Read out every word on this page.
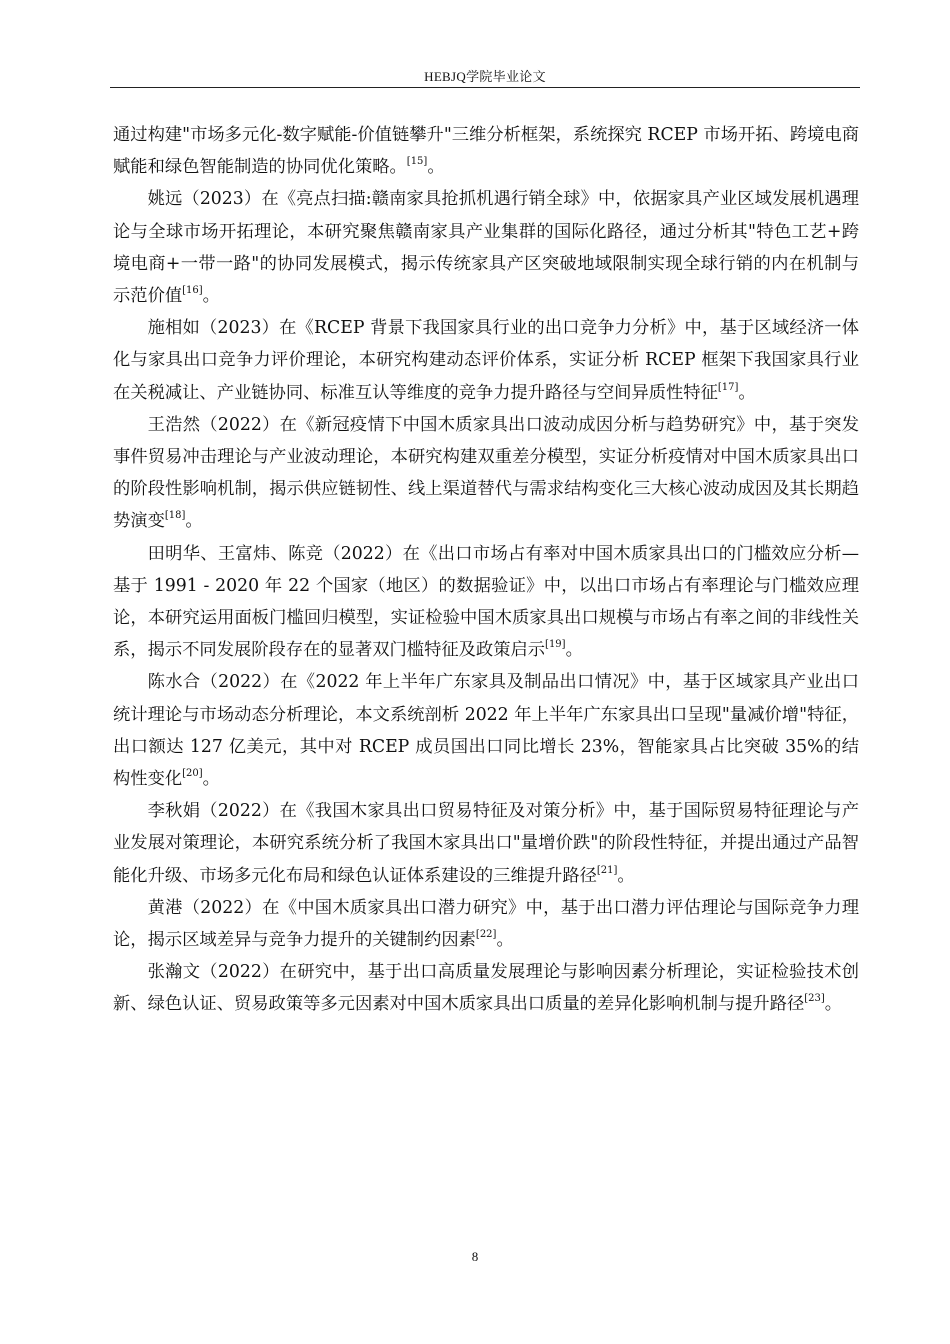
HEBJQ学院毕业论文

通过构建"市场多元化-数字赋能-价值链攀升"三维分析框架，系统探究 RCEP 市场开拓、跨境电商赋能和绿色智能制造的协同优化策略。[15]。

姚远（2023）在《亮点扫描:赣南家具抢抓机遇行销全球》中，依据家具产业区域发展机遇理论与全球市场开拓理论，本研究聚焦赣南家具产业集群的国际化路径，通过分析其"特色工艺+跨境电商+一带一路"的协同发展模式，揭示传统家具产区突破地域限制实现全球行销的内在机制与示范价值[16]。

施相如（2023）在《RCEP 背景下我国家具行业的出口竞争力分析》中，基于区域经济一体化与家具出口竞争力评价理论，本研究构建动态评价体系，实证分析 RCEP 框架下我国家具行业在关税减让、产业链协同、标准互认等维度的竞争力提升路径与空间异质性特征[17]。

王浩然（2022）在《新冠疫情下中国木质家具出口波动成因分析与趋势研究》中，基于突发事件贸易冲击理论与产业波动理论，本研究构建双重差分模型，实证分析疫情对中国木质家具出口的阶段性影响机制，揭示供应链韧性、线上渠道替代与需求结构变化三大核心波动成因及其长期趋势演变[18]。

田明华、王富炜、陈竞（2022）在《出口市场占有率对中国木质家具出口的门槛效应分析—基于 1991 - 2020 年 22 个国家（地区）的数据验证》中，以出口市场占有率理论与门槛效应理论，本研究运用面板门槛回归模型，实证检验中国木质家具出口规模与市场占有率之间的非线性关系，揭示不同发展阶段存在的显著双门槛特征及政策启示[19]。

陈水合（2022）在《2022 年上半年广东家具及制品出口情况》中，基于区域家具产业出口统计理论与市场动态分析理论，本文系统剖析 2022 年上半年广东家具出口呈现"量减价增"特征，出口额达 127 亿美元，其中对 RCEP 成员国出口同比增长 23%，智能家具占比突破 35%的结构性变化[20]。

李秋娟（2022）在《我国木家具出口贸易特征及对策分析》中，基于国际贸易特征理论与产业发展对策理论，本研究系统分析了我国木家具出口"量增价跌"的阶段性特征，并提出通过产品智能化升级、市场多元化布局和绿色认证体系建设的三维提升路径[21]。

黄港（2022）在《中国木质家具出口潜力研究》中，基于出口潜力评估理论与国际竞争力理论，揭示区域差异与竞争力提升的关键制约因素[22]。

张瀚文（2022）在研究中，基于出口高质量发展理论与影响因素分析理论，实证检验技术创新、绿色认证、贸易政策等多元因素对中国木质家具出口质量的差异化影响机制与提升路径[23]。

8
